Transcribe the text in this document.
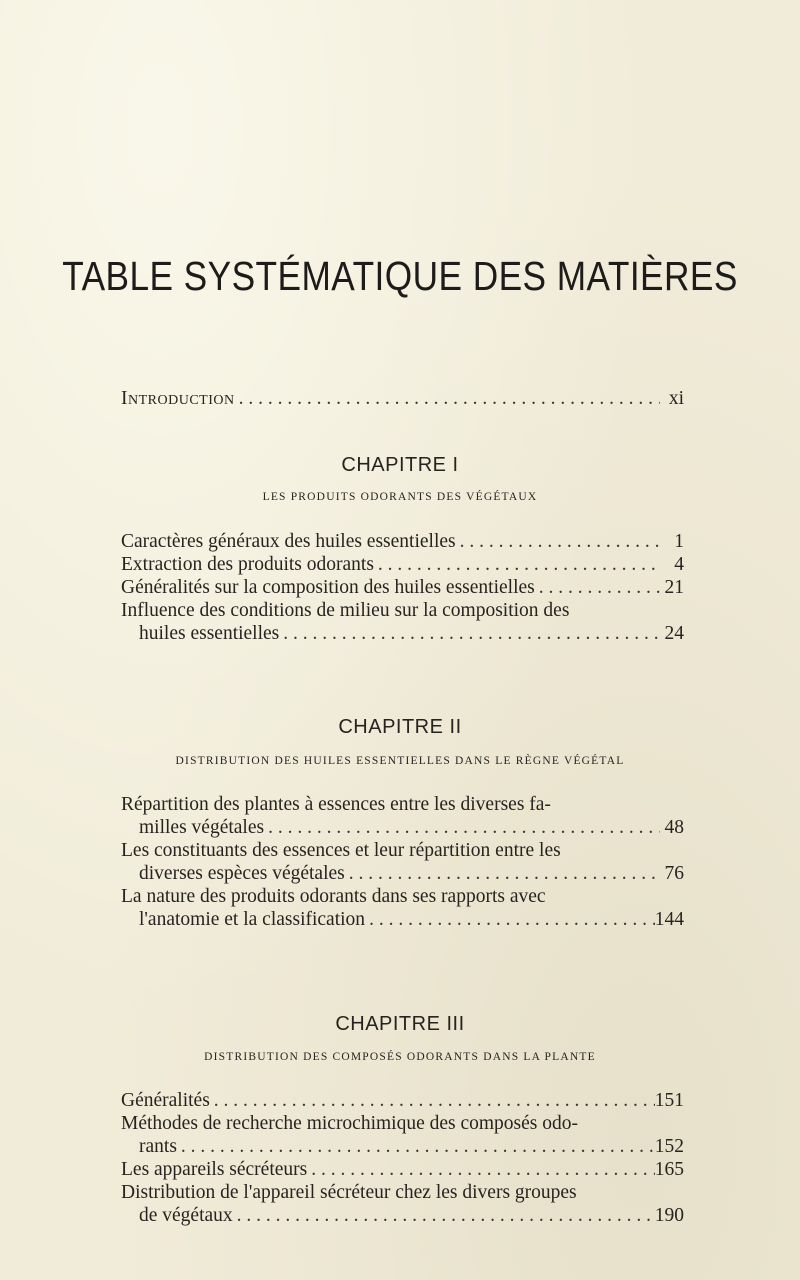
TABLE SYSTÉMATIQUE DES MATIÈRES
Introduction . . .	xi
CHAPITRE I
LES PRODUITS ODORANTS DES VÉGÉTAUX
Caractères généraux des huiles essentielles . . .	1
Extraction des produits odorants . . .	4
Généralités sur la composition des huiles essentielles . . .	21
Influence des conditions de milieu sur la composition des
huiles essentielles . . .	24
CHAPITRE II
DISTRIBUTION DES HUILES ESSENTIELLES DANS LE RÈGNE VÉGÉTAL
Répartition des plantes à essences entre les diverses fa-
milles végétales . . .	48
Les constituants des essences et leur répartition entre les
diverses espèces végétales . . .	76
La nature des produits odorants dans ses rapports avec
l'anatomie et la classification . . .	144
CHAPITRE III
DISTRIBUTION DES COMPOSÉS ODORANTS DANS LA PLANTE
Généralités . . .	151
Méthodes de recherche microchimique des composés odo-
rants . . .	152
Les appareils sécréteurs . . .	165
Distribution de l'appareil sécréteur chez les divers groupes
de végétaux . . .	190
